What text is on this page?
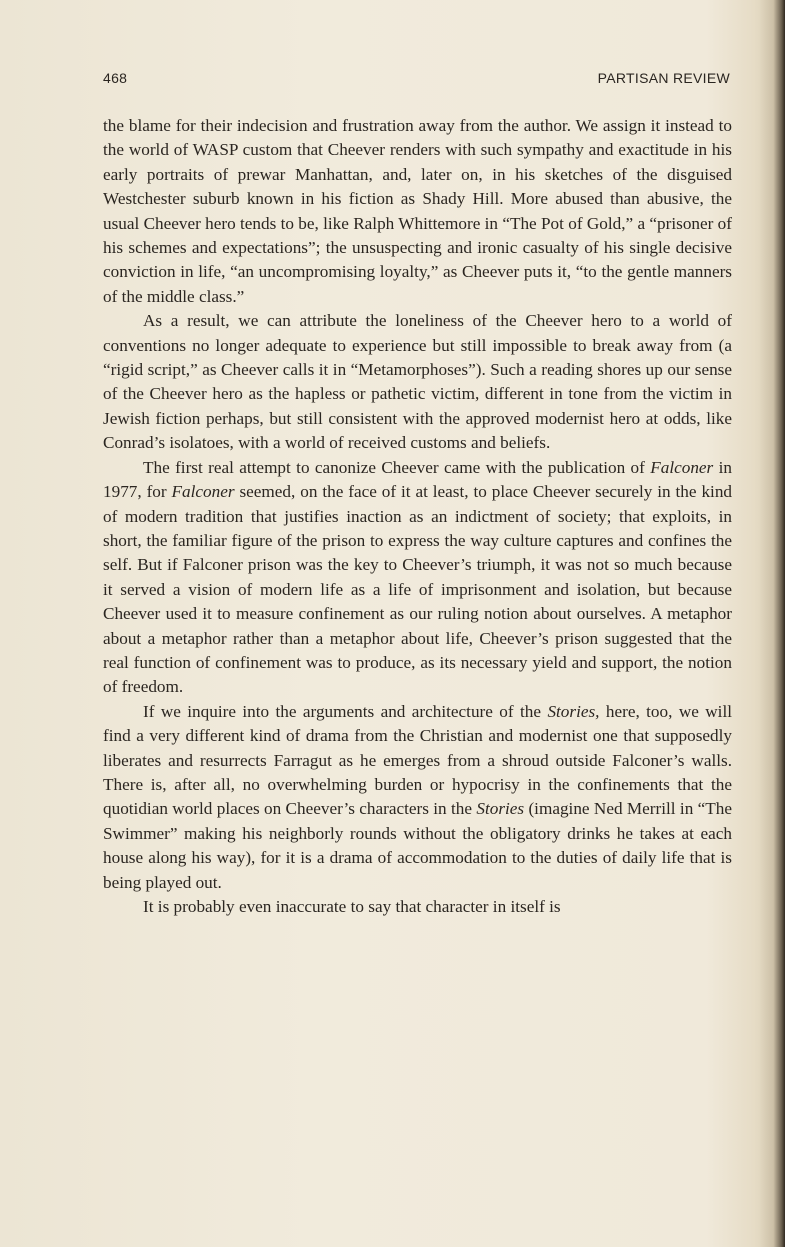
468	PARTISAN REVIEW

the blame for their indecision and frustration away from the author. We assign it instead to the world of WASP custom that Cheever renders with such sympathy and exactitude in his early portraits of prewar Manhattan, and, later on, in his sketches of the disguised Westchester suburb known in his fiction as Shady Hill. More abused than abusive, the usual Cheever hero tends to be, like Ralph Whittemore in “The Pot of Gold,” a “prisoner of his schemes and expectations”; the unsuspecting and ironic casualty of his single decisive conviction in life, “an uncompromising loyalty,” as Cheever puts it, “to the gentle manners of the middle class.”

As a result, we can attribute the loneliness of the Cheever hero to a world of conventions no longer adequate to experience but still impossible to break away from (a “rigid script,” as Cheever calls it in “Metamorphoses”). Such a reading shores up our sense of the Cheever hero as the hapless or pathetic victim, different in tone from the victim in Jewish fiction perhaps, but still consistent with the approved modernist hero at odds, like Conrad’s isolatoes, with a world of received customs and beliefs.

The first real attempt to canonize Cheever came with the publication of Falconer in 1977, for Falconer seemed, on the face of it at least, to place Cheever securely in the kind of modern tradition that justifies inaction as an indictment of society; that exploits, in short, the familiar figure of the prison to express the way culture captures and confines the self. But if Falconer prison was the key to Cheever’s triumph, it was not so much because it served a vision of modern life as a life of imprisonment and isolation, but because Cheever used it to measure confinement as our ruling notion about ourselves. A metaphor about a metaphor rather than a metaphor about life, Cheever’s prison suggested that the real function of confinement was to produce, as its necessary yield and support, the notion of freedom.

If we inquire into the arguments and architecture of the Stories, here, too, we will find a very different kind of drama from the Christian and modernist one that supposedly liberates and resurrects Farragut as he emerges from a shroud outside Falconer’s walls. There is, after all, no overwhelming burden or hypocrisy in the confinements that the quotidian world places on Cheever’s characters in the Stories (imagine Ned Merrill in “The Swimmer” making his neighborly rounds without the obligatory drinks he takes at each house along his way), for it is a drama of accommodation to the duties of daily life that is being played out.

It is probably even inaccurate to say that character in itself is
